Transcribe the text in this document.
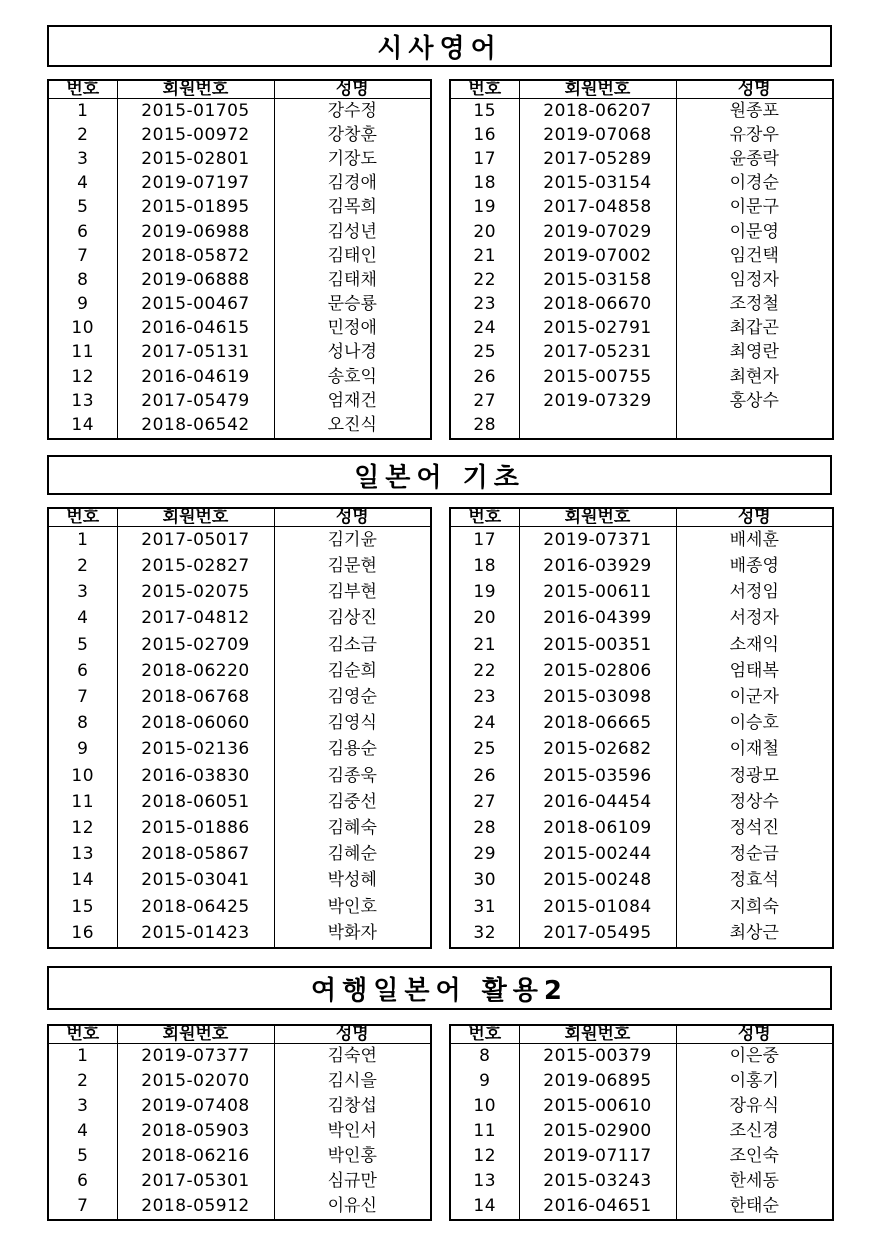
시사영어
번호	회원번호	성명
1	2015-01705	강수정
2	2015-00972	강창훈
3	2015-02801	기장도
4	2019-07197	김경애
5	2015-01895	김목희
6	2019-06988	김성년
7	2018-05872	김태인
8	2019-06888	김태채
9	2015-00467	문승룡
10	2016-04615	민정애
11	2017-05131	성나경
12	2016-04619	송호익
13	2017-05479	엄재건
14	2018-06542	오진식
번호	회원번호	성명
15	2018-06207	원종포
16	2019-07068	유장우
17	2017-05289	윤종락
18	2015-03154	이경순
19	2017-04858	이문구
20	2019-07029	이문영
21	2019-07002	임건택
22	2015-03158	임정자
23	2018-06670	조정철
24	2015-02791	최갑곤
25	2017-05231	최영란
26	2015-00755	최현자
27	2019-07329	홍상수
28		
일본어 기초
번호	회원번호	성명
1	2017-05017	김기윤
2	2015-02827	김문현
3	2015-02075	김부현
4	2017-04812	김상진
5	2015-02709	김소금
6	2018-06220	김순희
7	2018-06768	김영순
8	2018-06060	김영식
9	2015-02136	김용순
10	2016-03830	김종욱
11	2018-06051	김중선
12	2015-01886	김혜숙
13	2018-05867	김혜순
14	2015-03041	박성혜
15	2018-06425	박인호
16	2015-01423	박화자
번호	회원번호	성명
17	2019-07371	배세훈
18	2016-03929	배종영
19	2015-00611	서정임
20	2016-04399	서정자
21	2015-00351	소재익
22	2015-02806	엄태복
23	2015-03098	이군자
24	2018-06665	이승호
25	2015-02682	이재철
26	2015-03596	정광모
27	2016-04454	정상수
28	2018-06109	정석진
29	2015-00244	정순금
30	2015-00248	정효석
31	2015-01084	지희숙
32	2017-05495	최상근
여행일본어 활용2
번호	회원번호	성명
1	2019-07377	김숙연
2	2015-02070	김시을
3	2019-07408	김창섭
4	2018-05903	박인서
5	2018-06216	박인홍
6	2017-05301	심규만
7	2018-05912	이유신
번호	회원번호	성명
8	2015-00379	이은중
9	2019-06895	이홍기
10	2015-00610	장유식
11	2015-02900	조신경
12	2019-07117	조인숙
13	2015-03243	한세동
14	2016-04651	한태순
